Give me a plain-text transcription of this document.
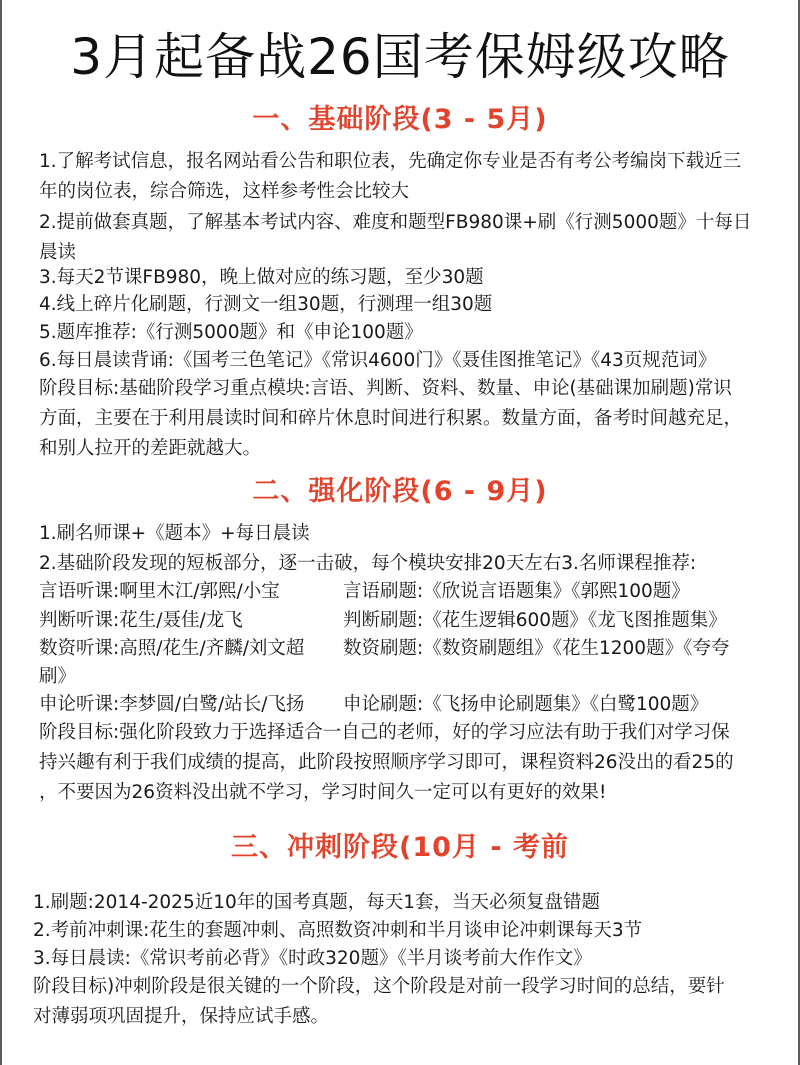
3月起备战26国考保姆级攻略
一、基础阶段(3 - 5月)
1.了解考试信息，报名网站看公告和职位表，先确定你专业是否有考公考编岗下载近三
年的岗位表，综合筛选，这样参考性会比较大
2.提前做套真题，了解基本考试内容、难度和题型FB980课+刷《行测5000题》十每日
晨读
3.每天2节课FB980，晚上做对应的练习题，至少30题
4.线上碎片化刷题，行测文一组30题，行测理一组30题
5.题库推荐:《行测5000题》和《申论100题》
6.每日晨读背诵:《国考三色笔记》《常识4600门》《聂佳图推笔记》《43页规范词》
阶段目标:基础阶段学习重点模块:言语、判断、资料、数量、申论(基础课加刷题)常识
方面，主要在于利用晨读时间和碎片休息时间进行积累。数量方面，备考时间越充足，
和别人拉开的差距就越大。
二、强化阶段(6 - 9月)
1.刷名师课+《题本》+每日晨读
2.基础阶段发现的短板部分，逐一击破，每个模块安排20天左右3.名师课程推荐:
言语听课:啊里木江/郭熙/小宝	言语刷题:《欣说言语题集》《郭熙100题》
判断听课:花生/聂佳/龙飞	判断刷题:《花生逻辑600题》《龙飞图推题集》
数资听课:高照/花生/齐麟/刘文超 数资刷题:《数资刷题组》《花生1200题》《夸夸
刷》
申论听课:李梦圆/白鹭/站长/飞扬 申论刷题:《飞扬申论刷题集》《白鹭100题》
阶段目标:强化阶段致力于选择适合一自己的老师，好的学习应法有助于我们对学习保
持兴趣有利于我们成绩的提高，此阶段按照顺序学习即可，课程资料26没出的看25的
，不要因为26资料没出就不学习，学习时间久一定可以有更好的效果!
三、冲刺阶段(10月 - 考前
1.刷题:2014-2025近10年的国考真题，每天1套，当天必须复盘错题
2.考前冲刺课:花生的套题冲刺、高照数资冲刺和半月谈申论冲刺课每天3节
3.每日晨读:《常识考前必背》《时政320题》《半月谈考前大作作文》
阶段目标)冲刺阶段是很关键的一个阶段，这个阶段是对前一段学习时间的总结，要针
对薄弱项巩固提升，保持应试手感。
